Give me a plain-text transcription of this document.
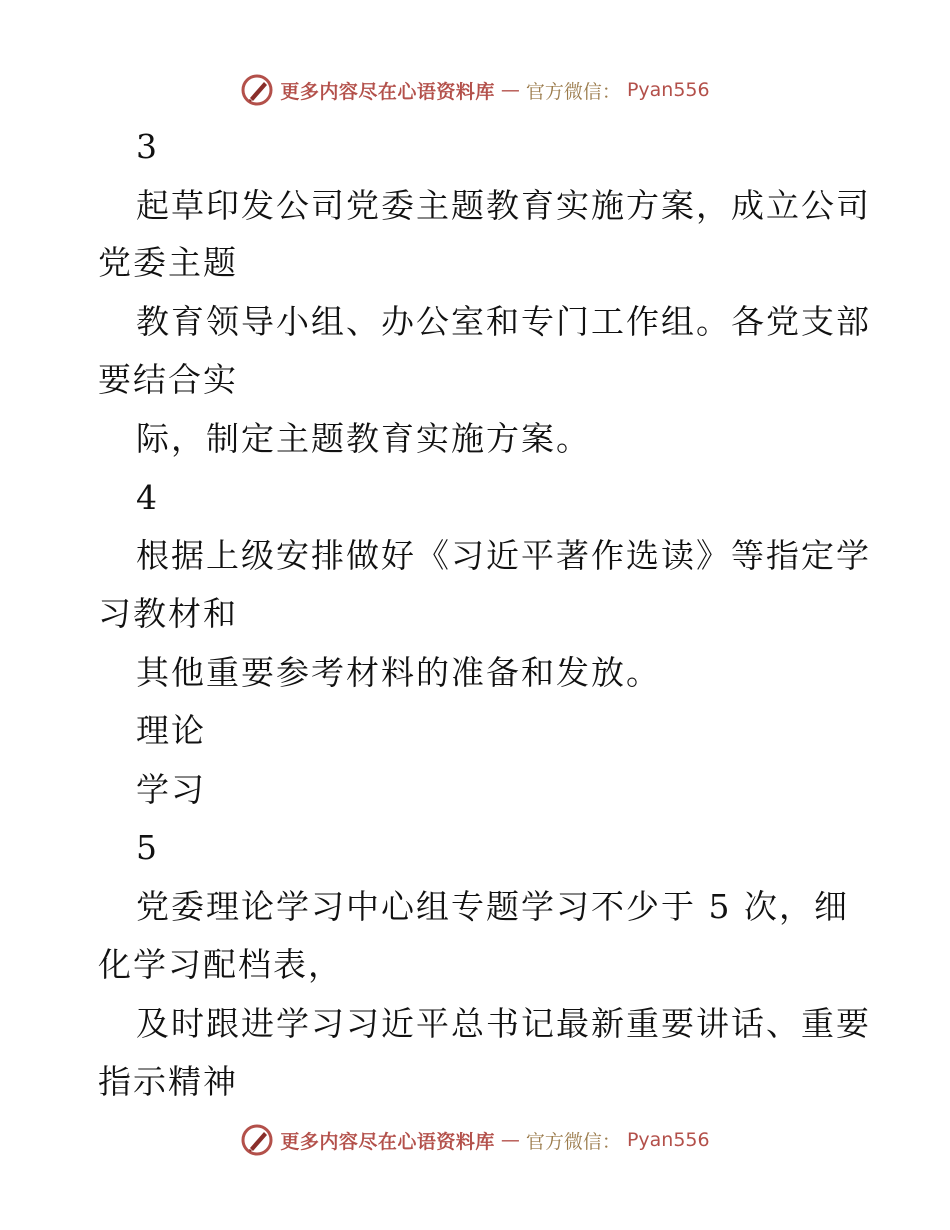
更多内容尽在心语资料库 — 官方微信： Pyan556
3
起草印发公司党委主题教育实施方案，成立公司
党委主题
教育领导小组、办公室和专门工作组。各党支部
要结合实
际，制定主题教育实施方案。
4
根据上级安排做好《习近平著作选读》等指定学
习教材和
其他重要参考材料的准备和发放。
理论
学习
5
党委理论学习中心组专题学习不少于 5 次，细
化学习配档表，
及时跟进学习习近平总书记最新重要讲话、重要
指示精神
更多内容尽在心语资料库 — 官方微信： Pyan556
